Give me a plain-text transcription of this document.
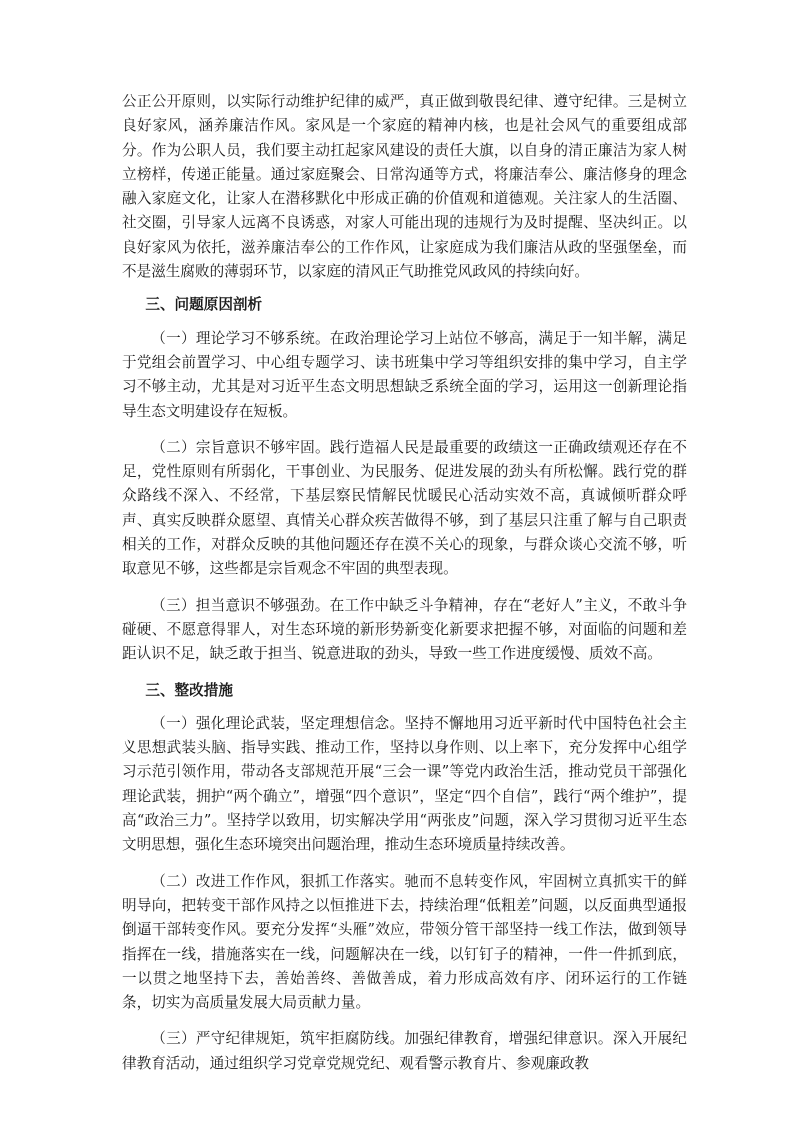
公正公开原则，以实际行动维护纪律的威严，真正做到敬畏纪律、遵守纪律。三是树立良好家风，涵养廉洁作风。家风是一个家庭的精神内核，也是社会风气的重要组成部分。作为公职人员，我们要主动扛起家风建设的责任大旗，以自身的清正廉洁为家人树立榜样，传递正能量。通过家庭聚会、日常沟通等方式，将廉洁奉公、廉洁修身的理念融入家庭文化，让家人在潜移默化中形成正确的价值观和道德观。关注家人的生活圈、社交圈，引导家人远离不良诱惑，对家人可能出现的违规行为及时提醒、坚决纠正。以良好家风为依托，滋养廉洁奉公的工作作风，让家庭成为我们廉洁从政的坚强堡垒，而不是滋生腐败的薄弱环节，以家庭的清风正气助推党风政风的持续向好。

三、问题原因剖析

（一）理论学习不够系统。在政治理论学习上站位不够高，满足于一知半解，满足于党组会前置学习、中心组专题学习、读书班集中学习等组织安排的集中学习，自主学习不够主动，尤其是对习近平生态文明思想缺乏系统全面的学习，运用这一创新理论指导生态文明建设存在短板。

（二）宗旨意识不够牢固。践行造福人民是最重要的政绩这一正确政绩观还存在不足，党性原则有所弱化，干事创业、为民服务、促进发展的劲头有所松懈。践行党的群众路线不深入、不经常，下基层察民情解民忧暖民心活动实效不高，真诚倾听群众呼声、真实反映群众愿望、真情关心群众疾苦做得不够，到了基层只注重了解与自己职责相关的工作，对群众反映的其他问题还存在漠不关心的现象，与群众谈心交流不够，听取意见不够，这些都是宗旨观念不牢固的典型表现。

（三）担当意识不够强劲。在工作中缺乏斗争精神，存在“老好人”主义，不敢斗争碰硬、不愿意得罪人，对生态环境的新形势新变化新要求把握不够，对面临的问题和差距认识不足，缺乏敢于担当、锐意进取的劲头，导致一些工作进度缓慢、质效不高。

三、整改措施

（一）强化理论武装，坚定理想信念。坚持不懈地用习近平新时代中国特色社会主义思想武装头脑、指导实践、推动工作，坚持以身作则、以上率下，充分发挥中心组学习示范引领作用，带动各支部规范开展“三会一课”等党内政治生活，推动党员干部强化理论武装，拥护“两个确立”，增强“四个意识”，坚定“四个自信”，践行“两个维护”，提高“政治三力”。坚持学以致用，切实解决学用“两张皮”问题，深入学习贯彻习近平生态文明思想，强化生态环境突出问题治理，推动生态环境质量持续改善。

（二）改进工作作风，狠抓工作落实。驰而不息转变作风，牢固树立真抓实干的鲜明导向，把转变干部作风持之以恒推进下去，持续治理“低粗差”问题，以反面典型通报倒逼干部转变作风。要充分发挥“头雁”效应，带领分管干部坚持一线工作法，做到领导指挥在一线，措施落实在一线，问题解决在一线，以钉钉子的精神，一件一件抓到底，一以贯之地坚持下去，善始善终、善做善成，着力形成高效有序、闭环运行的工作链条，切实为高质量发展大局贡献力量。

（三）严守纪律规矩，筑牢拒腐防线。加强纪律教育，增强纪律意识。深入开展纪律教育活动，通过组织学习党章党规党纪、观看警示教育片、参观廉政教
